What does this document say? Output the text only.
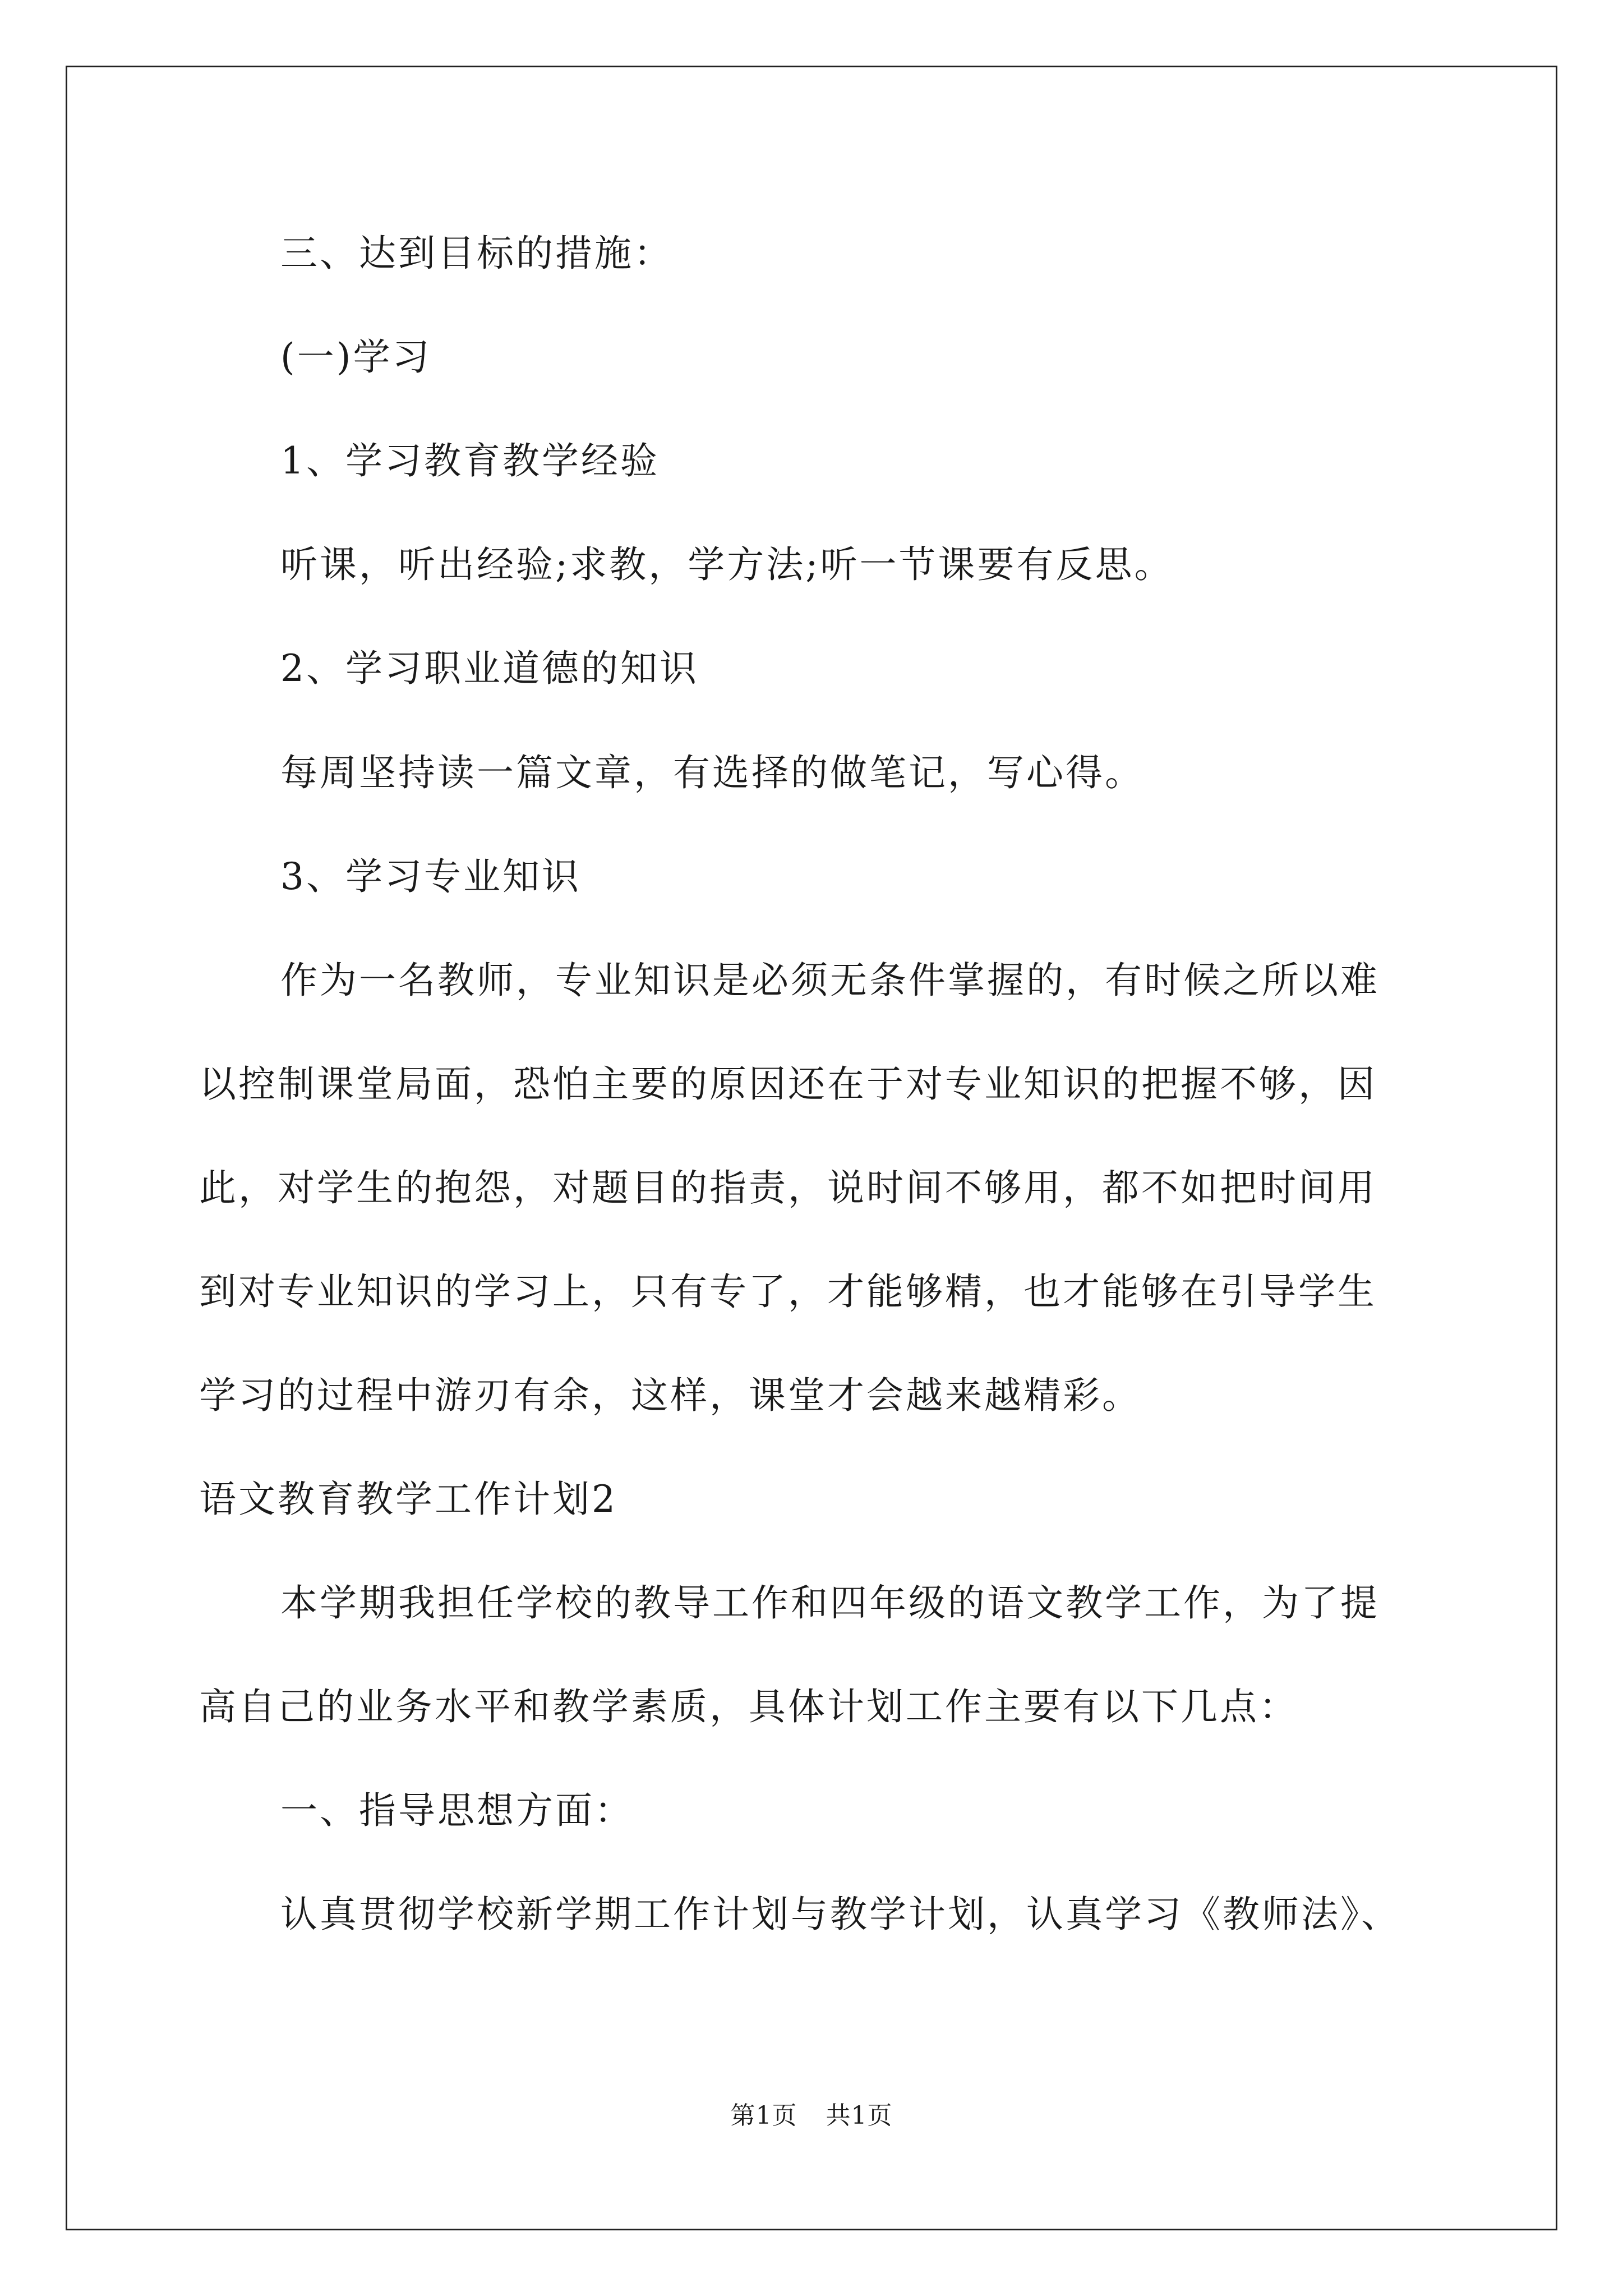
三、达到目标的措施：
(一)学习
1、学习教育教学经验
听课，听出经验;求教，学方法;听一节课要有反思。
2、学习职业道德的知识
每周坚持读一篇文章，有选择的做笔记，写心得。
3、学习专业知识
作为一名教师，专业知识是必须无条件掌握的，有时候之所以难
以控制课堂局面，恐怕主要的原因还在于对专业知识的把握不够，因
此，对学生的抱怨，对题目的指责，说时间不够用，都不如把时间用
到对专业知识的学习上，只有专了，才能够精，也才能够在引导学生
学习的过程中游刃有余，这样，课堂才会越来越精彩。
语文教育教学工作计划2
本学期我担任学校的教导工作和四年级的语文教学工作，为了提
高自己的业务水平和教学素质，具体计划工作主要有以下几点：
一、指导思想方面：
认真贯彻学校新学期工作计划与教学计划，认真学习《教师法》、
第1页 共1页
